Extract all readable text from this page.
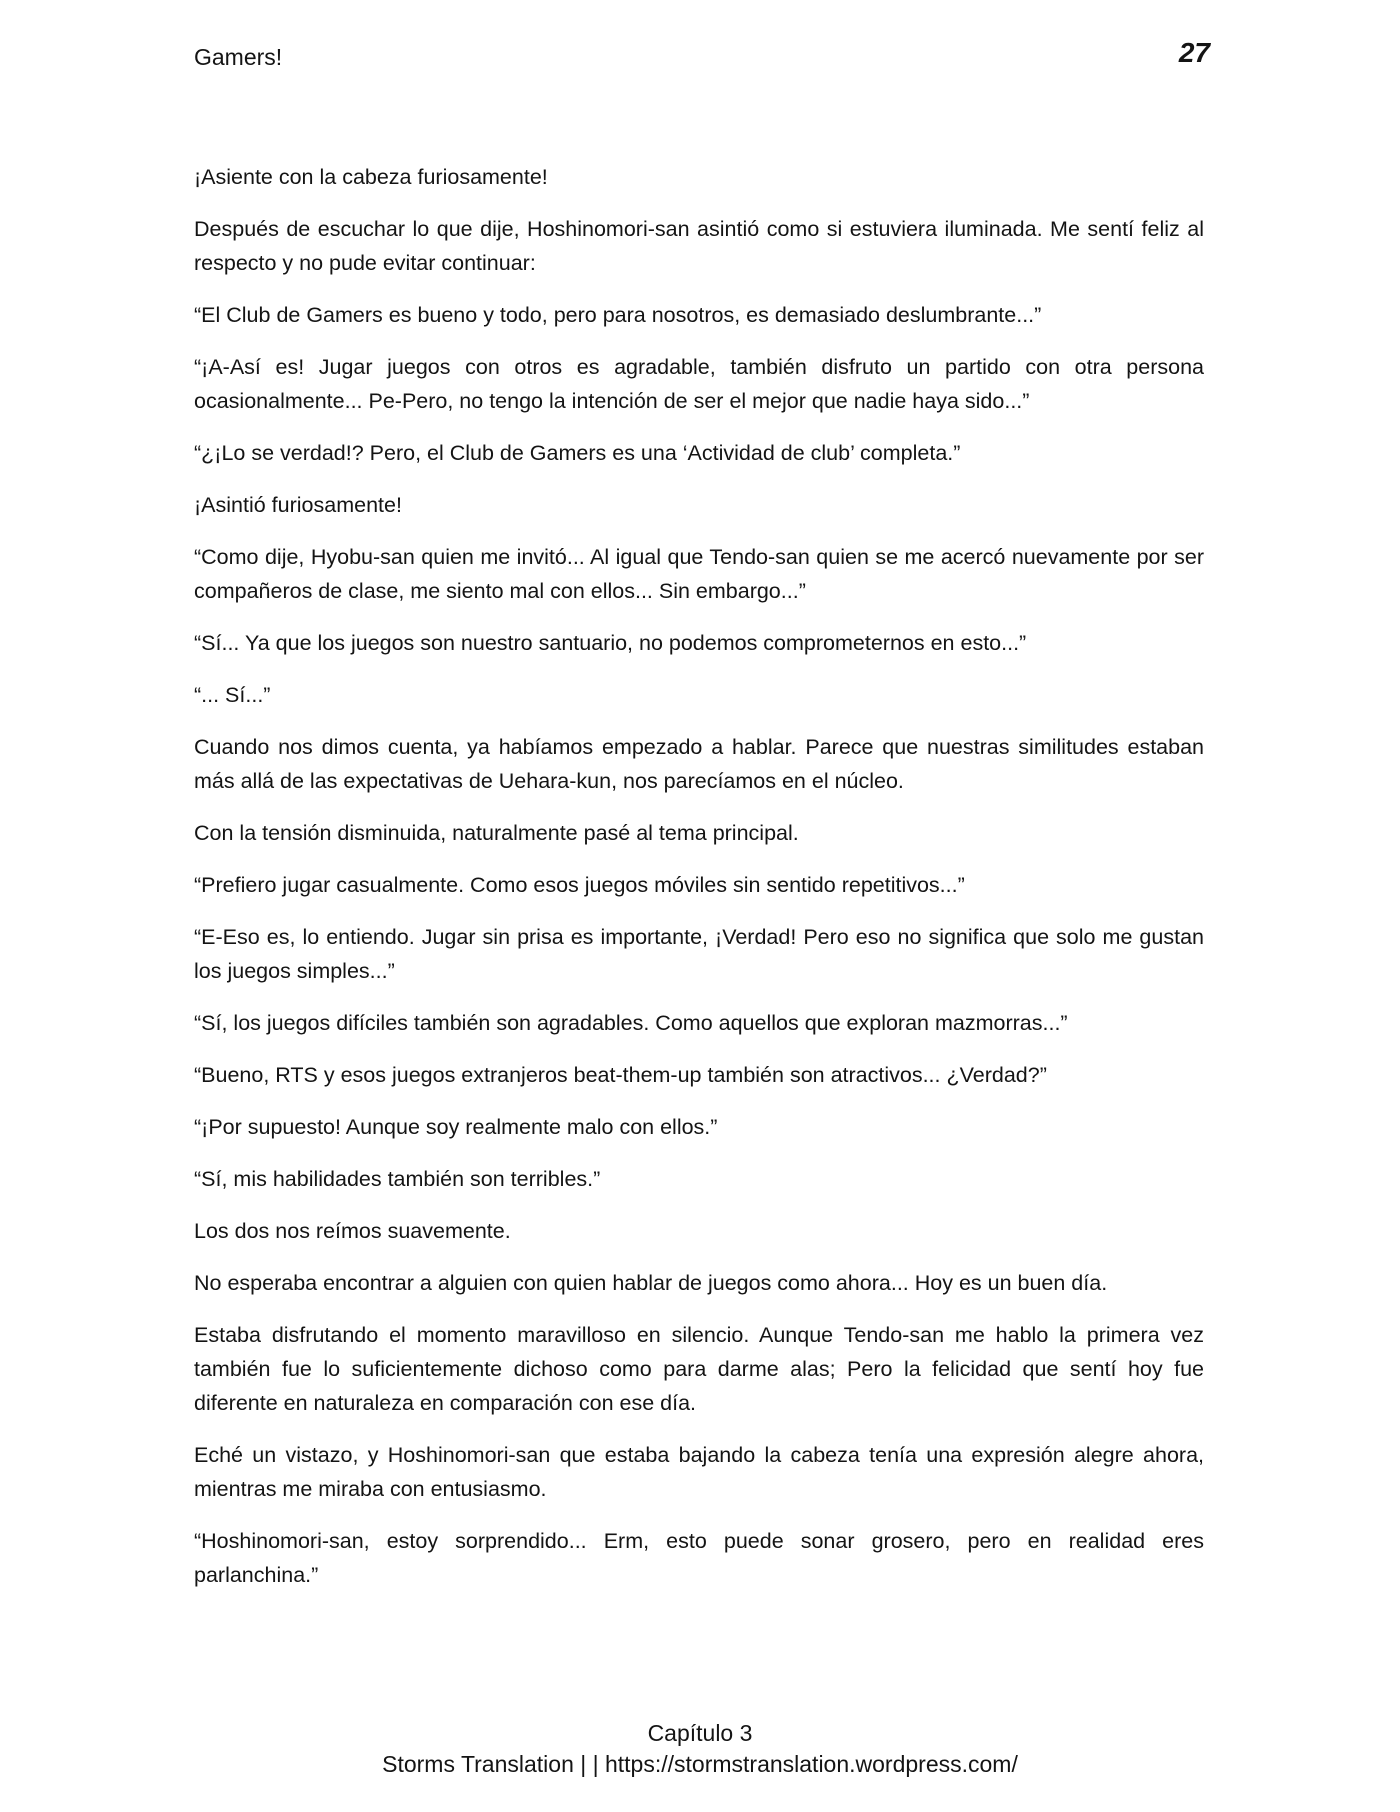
Gamers!	27

¡Asiente con la cabeza furiosamente!

Después de escuchar lo que dije, Hoshinomori-san asintió como si estuviera iluminada. Me sentí feliz al respecto y no pude evitar continuar:

“El Club de Gamers es bueno y todo, pero para nosotros, es demasiado deslumbrante...”

“¡A-Así es! Jugar juegos con otros es agradable, también disfruto un partido con otra persona ocasionalmente... Pe-Pero, no tengo la intención de ser el mejor que nadie haya sido...”

“¿¡Lo se verdad!? Pero, el Club de Gamers es una ‘Actividad de club’ completa.”

¡Asintió furiosamente!

“Como dije, Hyobu-san quien me invitó... Al igual que Tendo-san quien se me acercó nuevamente por ser compañeros de clase, me siento mal con ellos... Sin embargo...”

“Sí... Ya que los juegos son nuestro santuario, no podemos comprometernos en esto...”

“... Sí...”

Cuando nos dimos cuenta, ya habíamos empezado a hablar. Parece que nuestras similitudes estaban más allá de las expectativas de Uehara-kun, nos parecíamos en el núcleo.

Con la tensión disminuida, naturalmente pasé al tema principal.

“Prefiero jugar casualmente. Como esos juegos móviles sin sentido repetitivos...”

“E-Eso es, lo entiendo. Jugar sin prisa es importante, ¡Verdad! Pero eso no significa que solo me gustan los juegos simples...”

“Sí, los juegos difíciles también son agradables. Como aquellos que exploran mazmorras...”

“Bueno, RTS y esos juegos extranjeros beat-them-up también son atractivos... ¿Verdad?”

“¡Por supuesto! Aunque soy realmente malo con ellos.”

“Sí, mis habilidades también son terribles.”

Los dos nos reímos suavemente.

No esperaba encontrar a alguien con quien hablar de juegos como ahora... Hoy es un buen día.

Estaba disfrutando el momento maravilloso en silencio. Aunque Tendo-san me hablo la primera vez también fue lo suficientemente dichoso como para darme alas; Pero la felicidad que sentí hoy fue diferente en naturaleza en comparación con ese día.

Eché un vistazo, y Hoshinomori-san que estaba bajando la cabeza tenía una expresión alegre ahora, mientras me miraba con entusiasmo.

“Hoshinomori-san, estoy sorprendido... Erm, esto puede sonar grosero, pero en realidad eres parlanchina.”

Capítulo 3
Storms Translation | | https://stormstranslation.wordpress.com/
